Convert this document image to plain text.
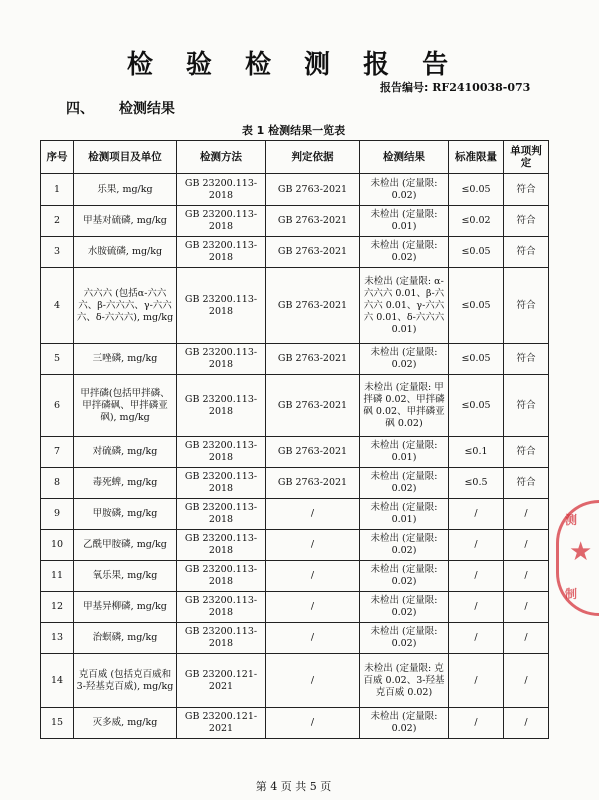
检 验 检 测 报 告
报告编号: RF2410038-073
四、 检测结果
表 1 检测结果一览表
序号	检测项目及单位	检测方法	判定依据	检测结果	标准限量	单项判定
1	乐果, mg/kg	GB 23200.113-2018	GB 2763-2021	未检出 (定量限: 0.02)	≤0.05	符合
2	甲基对硫磷, mg/kg	GB 23200.113-2018	GB 2763-2021	未检出 (定量限: 0.01)	≤0.02	符合
3	水胺硫磷, mg/kg	GB 23200.113-2018	GB 2763-2021	未检出 (定量限: 0.02)	≤0.05	符合
4	六六六 (包括α-六六六、β-六六六、γ-六六六、δ-六六六), mg/kg	GB 23200.113-2018	GB 2763-2021	未检出 (定量限: α-六六六 0.01、β-六六六 0.01、γ-六六六 0.01、δ-六六六 0.01)	≤0.05	符合
5	三唑磷, mg/kg	GB 23200.113-2018	GB 2763-2021	未检出 (定量限: 0.02)	≤0.05	符合
6	甲拌磷(包括甲拌磷、甲拌磷砜、甲拌磷亚砜), mg/kg	GB 23200.113-2018	GB 2763-2021	未检出 (定量限: 甲拌磷 0.02、甲拌磷砜 0.02、甲拌磷亚砜 0.02)	≤0.05	符合
7	对硫磷, mg/kg	GB 23200.113-2018	GB 2763-2021	未检出 (定量限: 0.01)	≤0.1	符合
8	毒死蜱, mg/kg	GB 23200.113-2018	GB 2763-2021	未检出 (定量限: 0.02)	≤0.5	符合
9	甲胺磷, mg/kg	GB 23200.113-2018	/	未检出 (定量限: 0.01)	/	/
10	乙酰甲胺磷, mg/kg	GB 23200.113-2018	/	未检出 (定量限: 0.02)	/	/
11	氧乐果, mg/kg	GB 23200.113-2018	/	未检出 (定量限: 0.02)	/	/
12	甲基异柳磷, mg/kg	GB 23200.113-2018	/	未检出 (定量限: 0.02)	/	/
13	治螟磷, mg/kg	GB 23200.113-2018	/	未检出 (定量限: 0.02)	/	/
14	克百威 (包括克百威和 3-羟基克百威), mg/kg	GB 23200.121-2021	/	未检出 (定量限: 克百威 0.02、3-羟基克百威 0.02)	/	/
15	灭多威, mg/kg	GB 23200.121-2021	/	未检出 (定量限: 0.02)	/	/
测
★
制
第 4 页 共 5 页
